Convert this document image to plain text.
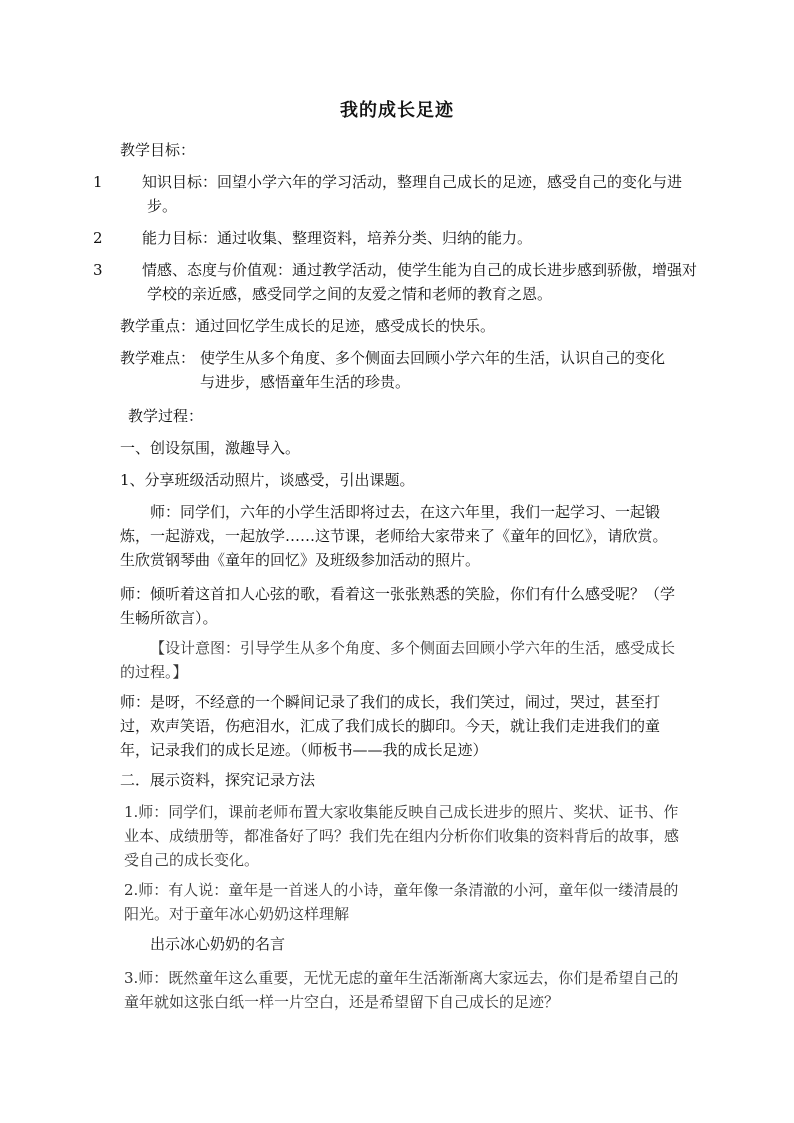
我的成长足迹

教学目标：

1	知识目标：回望小学六年的学习活动，整理自己成长的足迹，感受自己的变化与进步。

2	能力目标：通过收集、整理资料，培养分类、归纳的能力。

3	情感、态度与价值观：通过教学活动，使学生能为自己的成长进步感到骄傲，增强对学校的亲近感，感受同学之间的友爱之情和老师的教育之恩。

教学重点：通过回忆学生成长的足迹，感受成长的快乐。

教学难点： 使学生从多个角度、多个侧面去回顾小学六年的生活，认识自己的变化与进步，感悟童年生活的珍贵。

教学过程：

一、创设氛围，激趣导入。

1、分享班级活动照片，谈感受，引出课题。

师：同学们，六年的小学生活即将过去，在这六年里，我们一起学习、一起锻炼，一起游戏，一起放学……这节课，老师给大家带来了《童年的回忆》，请欣赏。生欣赏钢琴曲《童年的回忆》及班级参加活动的照片。

师：倾听着这首扣人心弦的歌，看着这一张张熟悉的笑脸，你们有什么感受呢？（学生畅所欲言）。

【设计意图：引导学生从多个角度、多个侧面去回顾小学六年的生活，感受成长的过程。】

师：是呀，不经意的一个瞬间记录了我们的成长，我们笑过，闹过，哭过，甚至打过，欢声笑语，伤疤泪水，汇成了我们成长的脚印。今天，就让我们走进我们的童年，记录我们的成长足迹。（师板书——我的成长足迹）

二．展示资料，探究记录方法

1.师：同学们，课前老师布置大家收集能反映自己成长进步的照片、奖状、证书、作业本、成绩册等，都准备好了吗？我们先在组内分析你们收集的资料背后的故事，感受自己的成长变化。

2.师：有人说：童年是一首迷人的小诗，童年像一条清澈的小河，童年似一缕清晨的阳光。对于童年冰心奶奶这样理解

出示冰心奶奶的名言

3.师：既然童年这么重要，无忧无虑的童年生活渐渐离大家远去，你们是希望自己的童年就如这张白纸一样一片空白，还是希望留下自己成长的足迹？
